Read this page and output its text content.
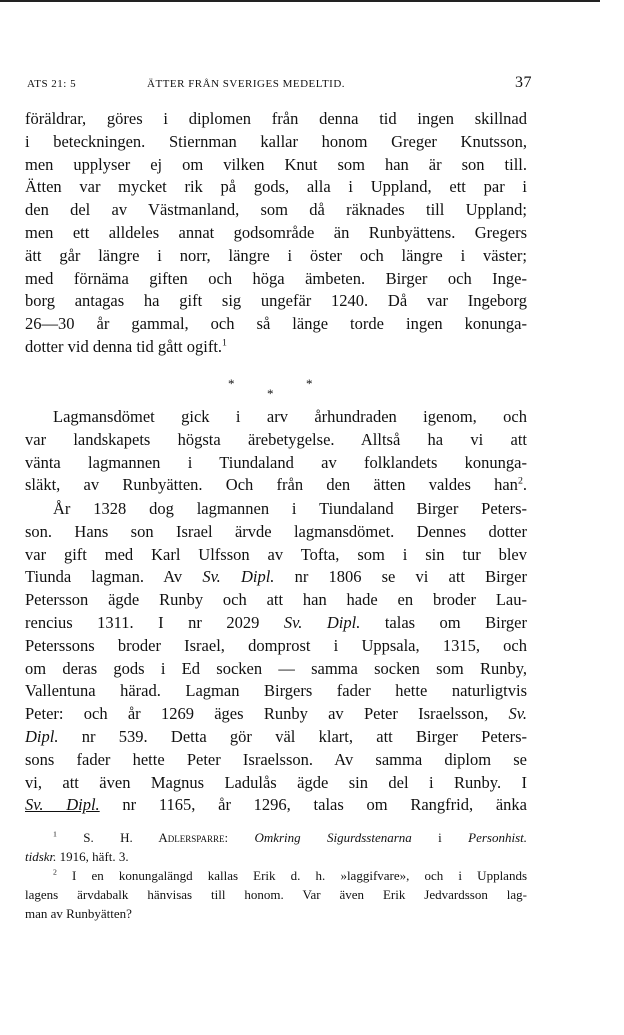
ATS 21: 5	ÄTTER FRÅN SVERIGES MEDELTID.	37
föräldrar, göres i diplomen från denna tid ingen skillnad
i beteckningen. Stiernman kallar honom Greger Knutsson,
men upplyser ej om vilken Knut som han är son till.
Ätten var mycket rik på gods, alla i Uppland, ett par i
den del av Västmanland, som då räknades till Uppland;
men ett alldeles annat godsområde än Runbyättens. Gregers
ätt går längre i norr, längre i öster och längre i väster;
med förnäma giften och höga ämbeten. Birger och Inge-
borg antagas ha gift sig ungefär 1240. Då var Ingeborg
26—30 år gammal, och så länge torde ingen konunga-
dotter vid denna tid gått ogift.$^1$
*	*
*
Lagmansdömet gick i arv århundraden igenom, och
var landskapets högsta ärebetygelse. Alltså ha vi att
vänta lagmannen i Tiundaland av folklandets konunga-
släkt, av Runbyätten. Och från den ätten valdes han$^2$.
År 1328 dog lagmannen i Tiundaland Birger Peters-
son. Hans son Israel ärvde lagmansdömet. Dennes dotter
var gift med Karl Ulfsson av Tofta, som i sin tur blev
Tiunda lagman. Av Sv. Dipl. nr 1806 se vi att Birger
Petersson ägde Runby och att han hade en broder Lau-
rencius 1311. I nr 2029 Sv. Dipl. talas om Birger
Peterssons broder Israel, domprost i Uppsala, 1315, och
om deras gods i Ed socken — samma socken som Runby,
Vallentuna härad. Lagman Birgers fader hette naturligtvis
Peter: och år 1269 äges Runby av Peter Israelsson, Sv.
Dipl. nr 539. Detta gör väl klart, att Birger Peters-
sons fader hette Peter Israelsson. Av samma diplom se
vi, att även Magnus Ladulås ägde sin del i Runby. I
Sv. Dipl. nr 1165, år 1296, talas om Rangfrid, änka
$^1$ S. H. Adlersparre: Omkring Sigurdsstenarna i Personhist.
tidskr. 1916, häft. 3.
$^2$ I en konungalängd kallas Erik d. h. »laggifvare», och i Upplands
lagens ärvdabalk hänvisas till honom. Var även Erik Jedvardsson lag-
man av Runbyätten?
